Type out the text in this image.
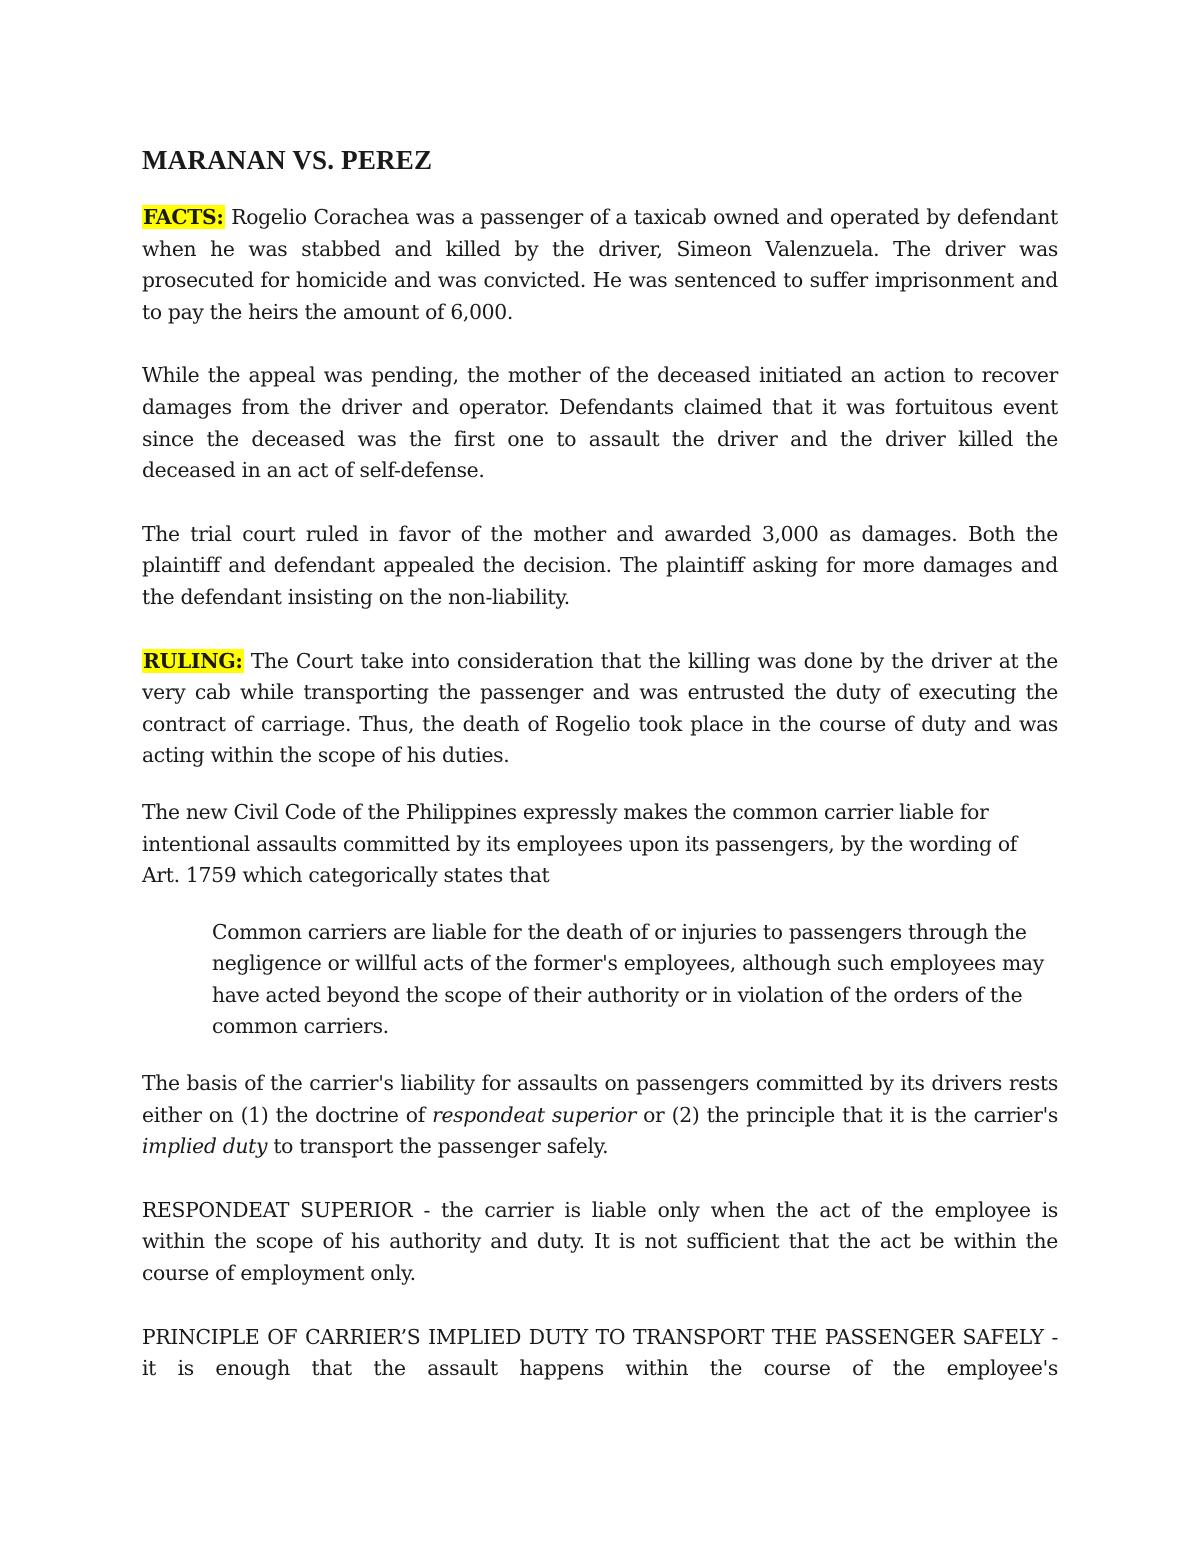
MARANAN VS. PEREZ

FACTS: Rogelio Corachea was a passenger of a taxicab owned and operated by defendant when he was stabbed and killed by the driver, Simeon Valenzuela. The driver was prosecuted for homicide and was convicted. He was sentenced to suffer imprisonment and to pay the heirs the amount of 6,000.

While the appeal was pending, the mother of the deceased initiated an action to recover damages from the driver and operator. Defendants claimed that it was fortuitous event since the deceased was the first one to assault the driver and the driver killed the deceased in an act of self-defense.

The trial court ruled in favor of the mother and awarded 3,000 as damages. Both the plaintiff and defendant appealed the decision. The plaintiff asking for more damages and the defendant insisting on the non-liability.

RULING: The Court take into consideration that the killing was done by the driver at the very cab while transporting the passenger and was entrusted the duty of executing the contract of carriage. Thus, the death of Rogelio took place in the course of duty and was acting within the scope of his duties.

The new Civil Code of the Philippines expressly makes the common carrier liable for intentional assaults committed by its employees upon its passengers, by the wording of Art. 1759 which categorically states that

Common carriers are liable for the death of or injuries to passengers through the negligence or willful acts of the former's employees, although such employees may have acted beyond the scope of their authority or in violation of the orders of the common carriers.

The basis of the carrier's liability for assaults on passengers committed by its drivers rests either on (1) the doctrine of respondeat superior or (2) the principle that it is the carrier's implied duty to transport the passenger safely.

RESPONDEAT SUPERIOR - the carrier is liable only when the act of the employee is within the scope of his authority and duty. It is not sufficient that the act be within the course of employment only.

PRINCIPLE OF CARRIER’S IMPLIED DUTY TO TRANSPORT THE PASSENGER SAFELY - it is enough that the assault happens within the course of the employee's
